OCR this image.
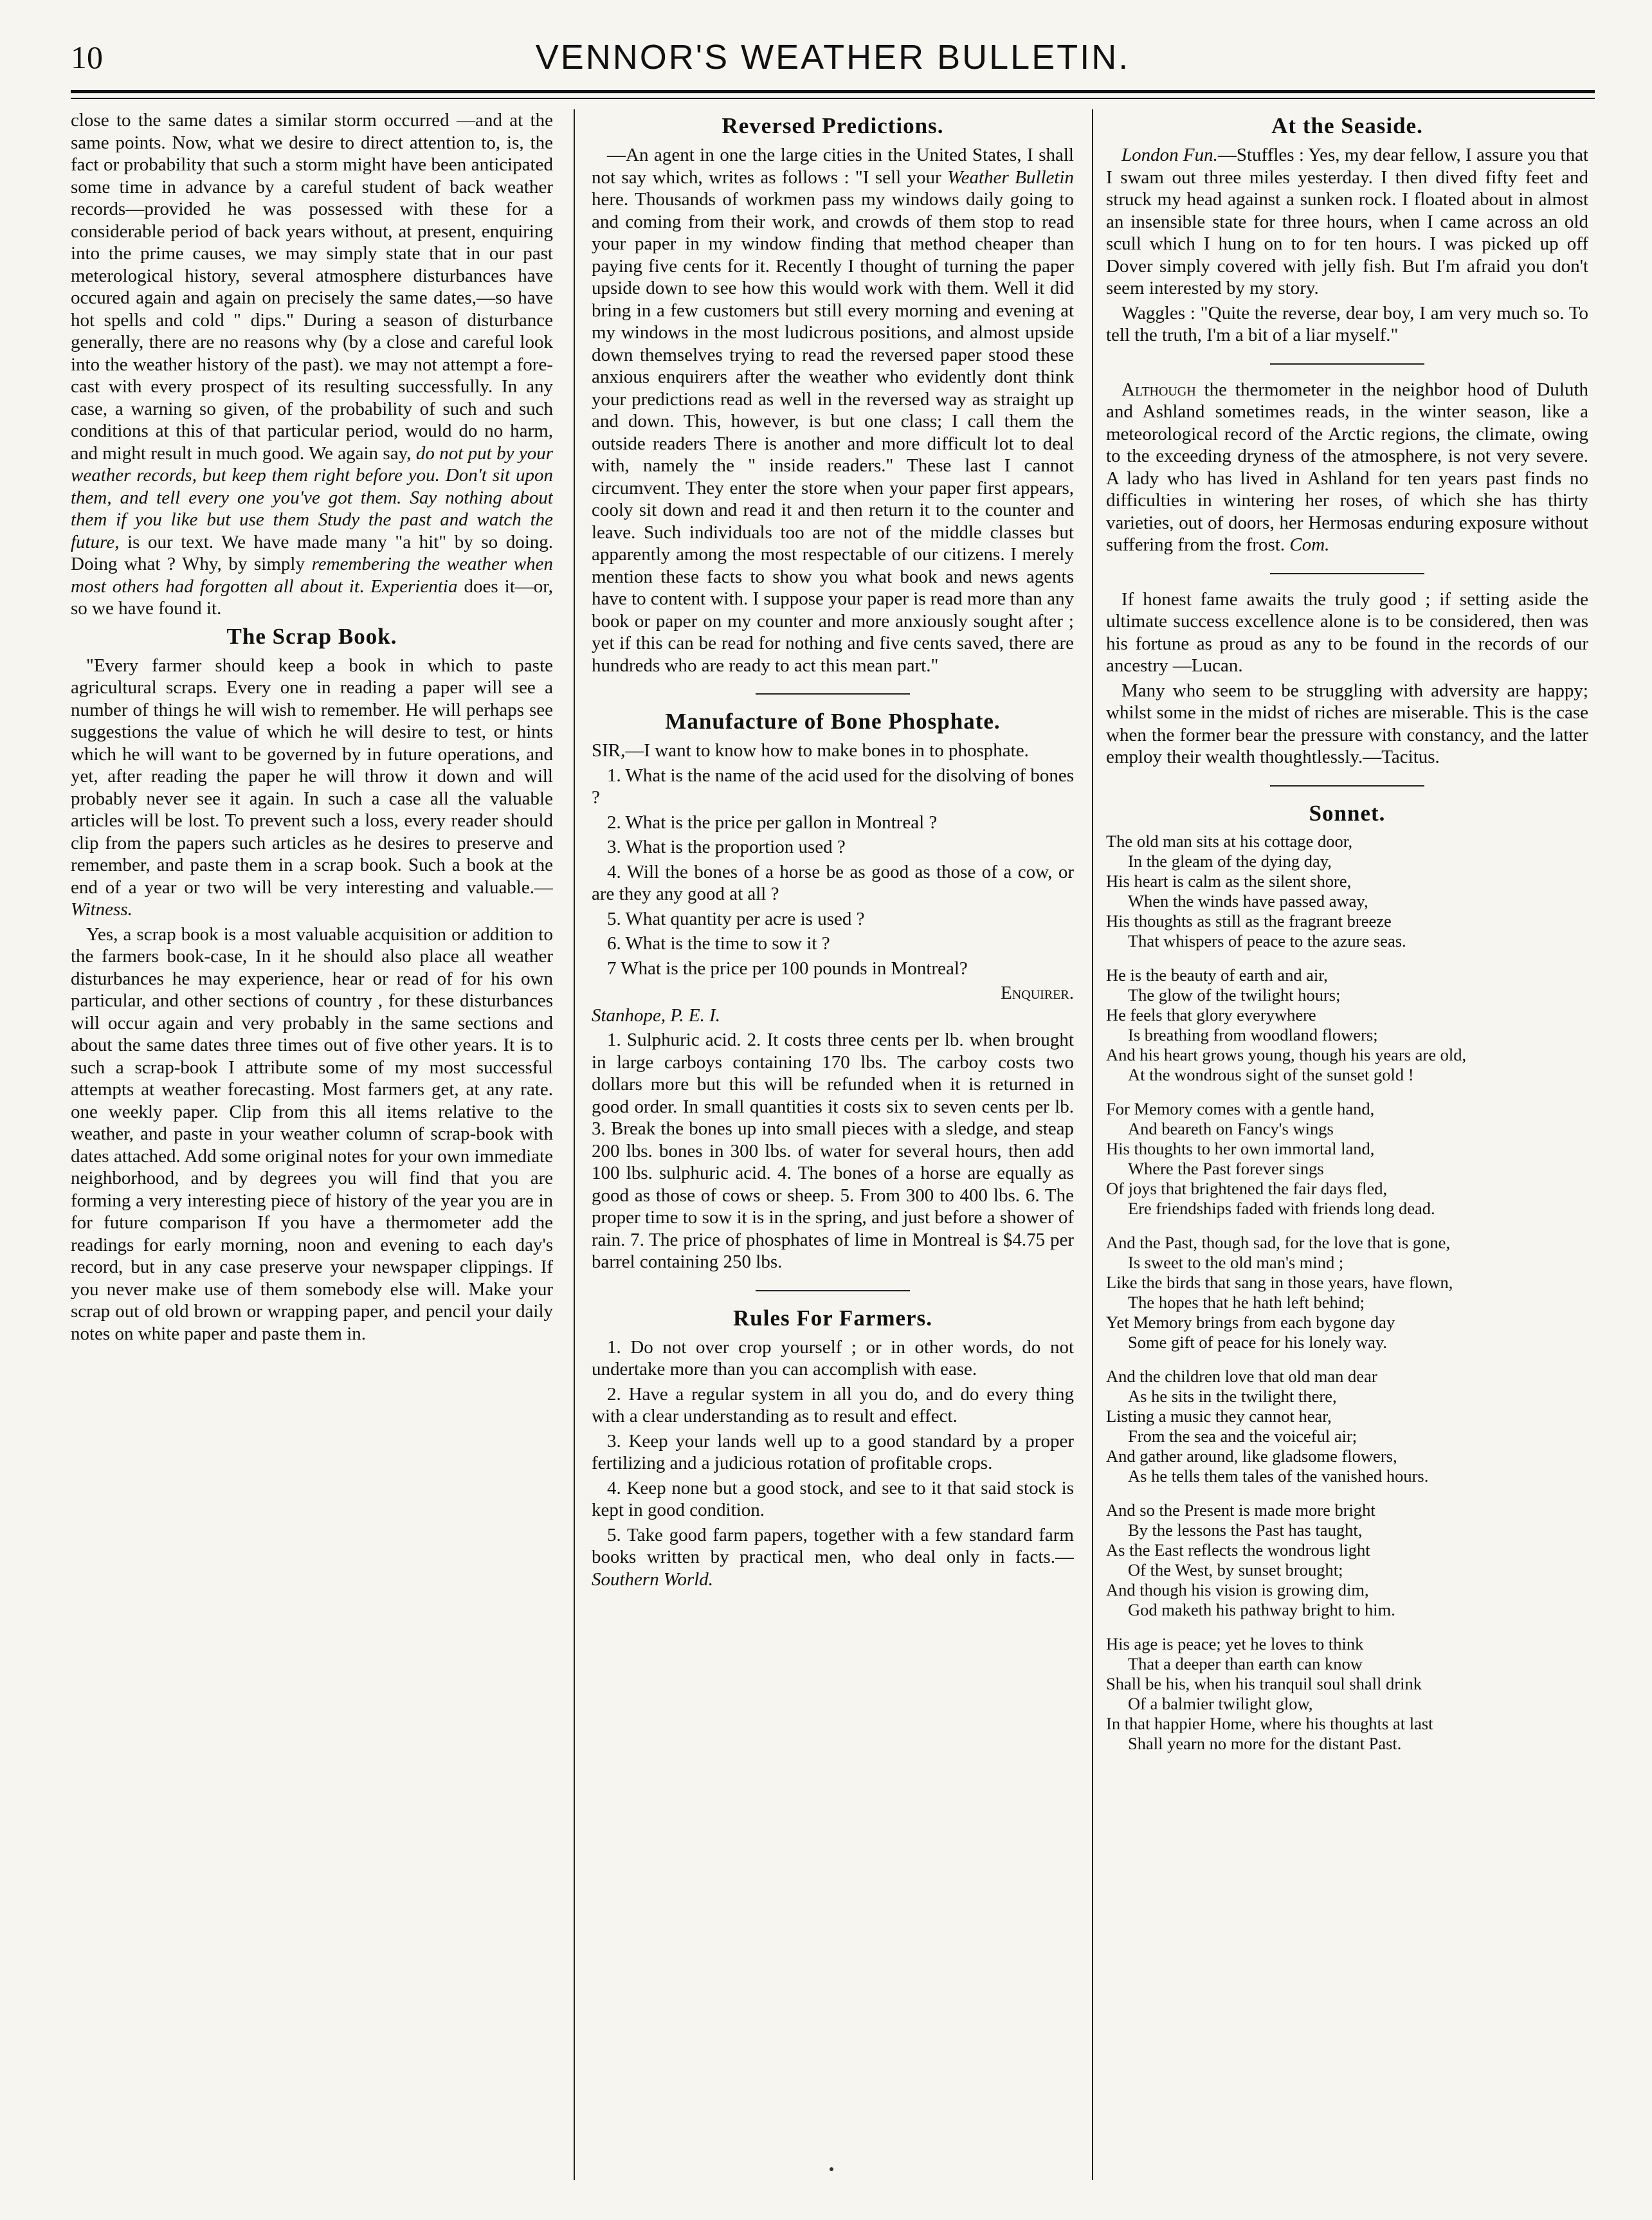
10	VENNOR'S WEATHER BULLETIN.

close to the same dates a similar storm occurred —and at the same points. Now, what we desire to direct attention to, is, the fact or probability that such a storm might have been anticipated some time in advance by a careful student of back weather records—provided he was possessed with these for a considerable period of back years without, at present, enquiring into the prime causes, we may simply state that in our past meterological history, several atmosphere disturbances have occured again and again on precisely the same dates,—so have hot spells and cold " dips." During a season of disturbance generally, there are no reasons why (by a close and careful look into the weather history of the past). we may not attempt a fore-cast with every prospect of its resulting successfully. In any case, a warning so given, of the probability of such and such conditions at this of that particular period, would do no harm, and might result in much good. We again say, do not put by your weather records, but keep them right before you. Don't sit upon them, and tell every one you've got them. Say nothing about them if you like but use them Study the past and watch the future, is our text. We have made many "a hit" by so doing. Doing what ? Why, by simply remembering the weather when most others had forgotten all about it. Experientia does it—or, so we have found it.

The Scrap Book.

"Every farmer should keep a book in which to paste agricultural scraps. Every one in reading a paper will see a number of things he will wish to remember. He will perhaps see suggestions the value of which he will desire to test, or hints which he will want to be governed by in future operations, and yet, after reading the paper he will throw it down and will probably never see it again. In such a case all the valuable articles will be lost. To prevent such a loss, every reader should clip from the papers such articles as he desires to preserve and remember, and paste them in a scrap book. Such a book at the end of a year or two will be very interesting and valuable.—Witness.

Yes, a scrap book is a most valuable acquisition or addition to the farmers book-case, In it he should also place all weather disturbances he may experience, hear or read of for his own particular, and other sections of country , for these disturbances will occur again and very probably in the same sections and about the same dates three times out of five other years. It is to such a scrap-book I attribute some of my most successful attempts at weather forecasting. Most farmers get, at any rate. one weekly paper. Clip from this all items relative to the weather, and paste in your weather column of scrap-book with dates attached. Add some original notes for your own immediate neighborhood, and by degrees you will find that you are forming a very interesting piece of history of the year you are in for future comparison If you have a thermometer add the readings for early morning, noon and evening to each day's record, but in any case preserve your newspaper clippings. If you never make use of them somebody else will. Make your scrap out of old brown or wrapping paper, and pencil your daily notes on white paper and paste them in.

Reversed Predictions.

—An agent in one the large cities in the United States, I shall not say which, writes as follows : "I sell your Weather Bulletin here. Thousands of workmen pass my windows daily going to and coming from their work, and crowds of them stop to read your paper in my window finding that method cheaper than paying five cents for it. Recently I thought of turning the paper upside down to see how this would work with them. Well it did bring in a few customers but still every morning and evening at my windows in the most ludicrous positions, and almost upside down themselves trying to read the reversed paper stood these anxious enquirers after the weather who evidently dont think your predictions read as well in the reversed way as straight up and down. This, however, is but one class; I call them the outside readers There is another and more difficult lot to deal with, namely the " inside readers." These last I cannot circumvent. They enter the store when your paper first appears, cooly sit down and read it and then return it to the counter and leave. Such individuals too are not of the middle classes but apparently among the most respectable of our citizens. I merely mention these facts to show you what book and news agents have to content with. I suppose your paper is read more than any book or paper on my counter and more anxiously sought after ; yet if this can be read for nothing and five cents saved, there are hundreds who are ready to act this mean part."

Manufacture of Bone Phosphate.

SIR,—I want to know how to make bones in to phosphate.

1. What is the name of the acid used for the disolving of bones ?

2. What is the price per gallon in Montreal ?

3. What is the proportion used ?

4. Will the bones of a horse be as good as those of a cow, or are they any good at all ?

5. What quantity per acre is used ?

6. What is the time to sow it ?

7 What is the price per 100 pounds in Montreal?

Enquirer.

Stanhope, P. E. I.

1. Sulphuric acid. 2. It costs three cents per lb. when brought in large carboys containing 170 lbs. The carboy costs two dollars more but this will be refunded when it is returned in good order. In small quantities it costs six to seven cents per lb. 3. Break the bones up into small pieces with a sledge, and steap 200 lbs. bones in 300 lbs. of water for several hours, then add 100 lbs. sulphuric acid. 4. The bones of a horse are equally as good as those of cows or sheep. 5. From 300 to 400 lbs. 6. The proper time to sow it is in the spring, and just before a shower of rain. 7. The price of phosphates of lime in Montreal is $4.75 per barrel containing 250 lbs.

Rules For Farmers.

1. Do not over crop yourself ; or in other words, do not undertake more than you can accomplish with ease.

2. Have a regular system in all you do, and do every thing with a clear understanding as to result and effect.

3. Keep your lands well up to a good standard by a proper fertilizing and a judicious rotation of profitable crops.

4. Keep none but a good stock, and see to it that said stock is kept in good condition.

5. Take good farm papers, together with a few standard farm books written by practical men, who deal only in facts.—Southern World.

At the Seaside.

London Fun.—Stuffles : Yes, my dear fellow, I assure you that I swam out three miles yesterday. I then dived fifty feet and struck my head against a sunken rock. I floated about in almost an insensible state for three hours, when I came across an old scull which I hung on to for ten hours. I was picked up off Dover simply covered with jelly fish. But I'm afraid you don't seem interested by my story.

Waggles : "Quite the reverse, dear boy, I am very much so. To tell the truth, I'm a bit of a liar myself."

Although the thermometer in the neighbor hood of Duluth and Ashland sometimes reads, in the winter season, like a meteorological record of the Arctic regions, the climate, owing to the exceeding dryness of the atmosphere, is not very severe. A lady who has lived in Ashland for ten years past finds no difficulties in wintering her roses, of which she has thirty varieties, out of doors, her Hermosas enduring exposure without suffering from the frost. Com.

If honest fame awaits the truly good ; if setting aside the ultimate success excellence alone is to be considered, then was his fortune as proud as any to be found in the records of our ancestry —Lucan.

Many who seem to be struggling with adversity are happy; whilst some in the midst of riches are miserable. This is the case when the former bear the pressure with constancy, and the latter employ their wealth thoughtlessly.—Tacitus.

Sonnet.
The old man sits at his cottage door,
In the gleam of the dying day,
His heart is calm as the silent shore,
When the winds have passed away,
His thoughts as still as the fragrant breeze
That whispers of peace to the azure seas.
He is the beauty of earth and air,
The glow of the twilight hours;
He feels that glory everywhere
Is breathing from woodland flowers;
And his heart grows young, though his years are old,
At the wondrous sight of the sunset gold !
For Memory comes with a gentle hand,
And beareth on Fancy's wings
His thoughts to her own immortal land,
Where the Past forever sings
Of joys that brightened the fair days fled,
Ere friendships faded with friends long dead.
And the Past, though sad, for the love that is gone,
Is sweet to the old man's mind ;
Like the birds that sang in those years, have flown,
The hopes that he hath left behind;
Yet Memory brings from each bygone day
Some gift of peace for his lonely way.
And the children love that old man dear
As he sits in the twilight there,
Listing a music they cannot hear,
From the sea and the voiceful air;
And gather around, like gladsome flowers,
As he tells them tales of the vanished hours.
And so the Present is made more bright
By the lessons the Past has taught,
As the East reflects the wondrous light
Of the West, by sunset brought;
And though his vision is growing dim,
God maketh his pathway bright to him.
His age is peace; yet he loves to think
That a deeper than earth can know
Shall be his, when his tranquil soul shall drink
Of a balmier twilight glow,
In that happier Home, where his thoughts at last
Shall yearn no more for the distant Past.
